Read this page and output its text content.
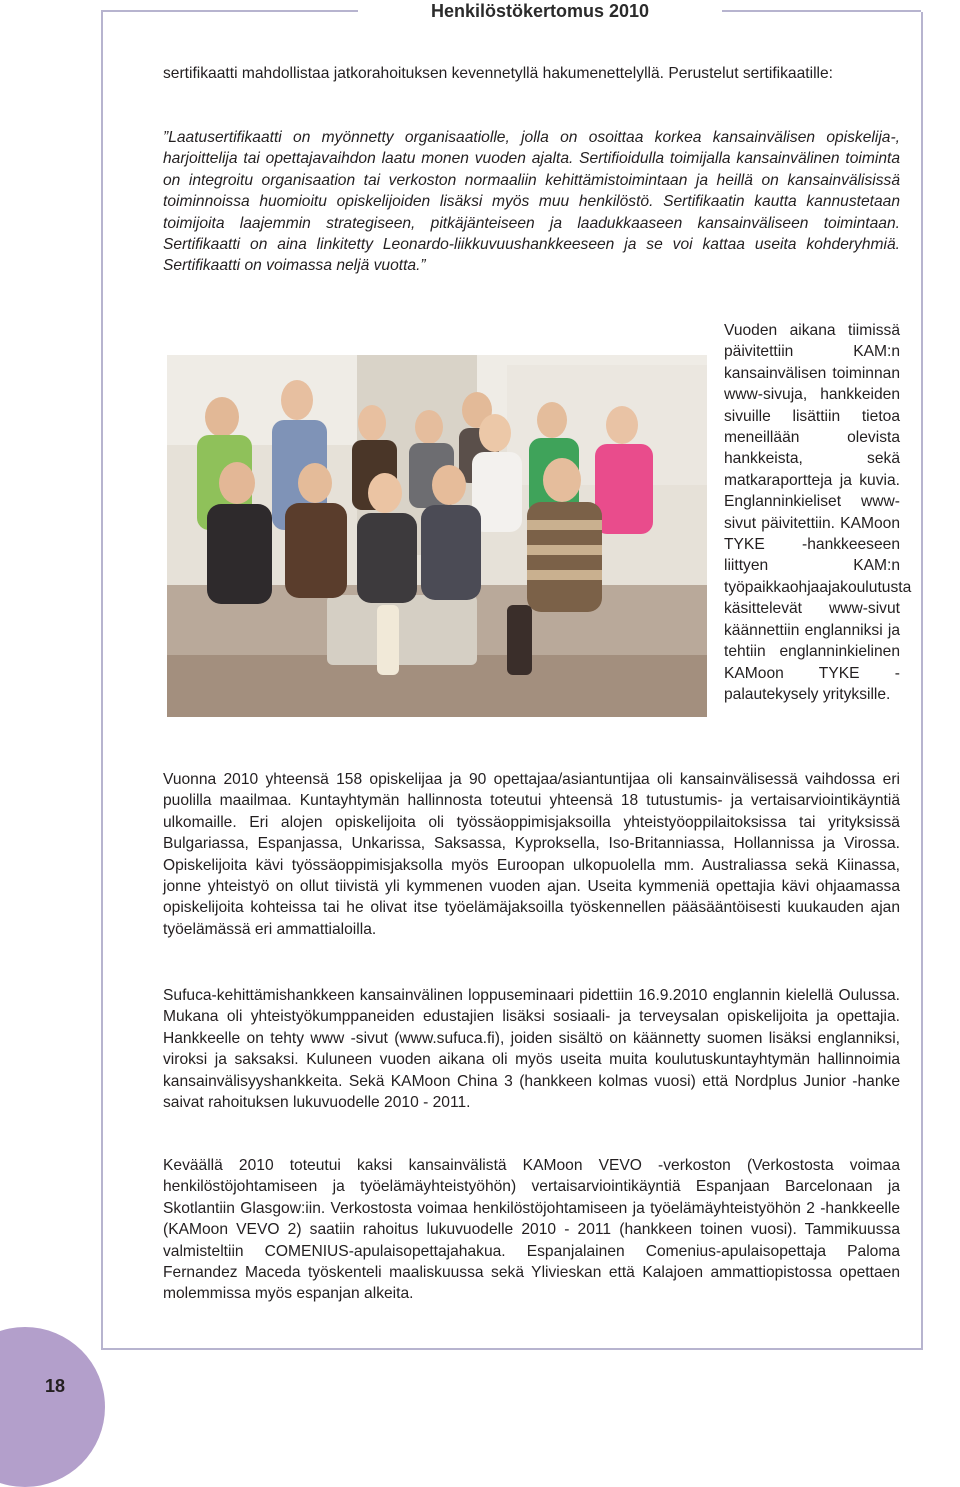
Henkilöstökertomus 2010

sertifikaatti mahdollistaa jatkorahoituksen kevennetyllä hakumenettelyllä. Perustelut sertifikaatille:

”Laatusertifikaatti on myönnetty organisaatiolle, jolla on osoittaa korkea kansainvälisen opiskelija-, harjoittelija tai opettajavaihdon laatu monen vuoden ajalta. Sertifioidulla toimijalla kansainvälinen toiminta on integroitu organisaation tai verkoston normaaliin kehittämistoimintaan ja heillä on kansainvälisissä toiminnoissa huomioitu opiskelijoiden lisäksi myös muu henkilöstö. Sertifikaatin kautta kannustetaan toimijoita laajemmin strategiseen, pitkäjänteiseen ja laadukkaaseen kansainväliseen toimintaan. Sertifikaatti on aina linkitetty Leonardo-liikkuvuushankkeeseen ja se voi kattaa useita kohderyhmiä. Sertifikaatti on voimassa neljä vuotta.”

Vuoden aikana tiimissä päivitettiin KAM:n kansainvälisen toiminnan www-sivuja, hankkeiden sivuille lisättiin tietoa meneillään olevista hankkeista, sekä matkaraportteja ja kuvia. Englanninkieliset www-sivut päivitettiin. KAMoon TYKE -hankkeeseen liittyen KAM:n työpaikkaohjaajakoulutusta käsittelevät www-sivut käännettiin englanniksi ja tehtiin englanninkielinen KAMoon TYKE -palautekysely yrityksille.

Vuonna 2010 yhteensä 158 opiskelijaa ja 90 opettajaa/asiantuntijaa oli kansainvälisessä vaihdossa eri puolilla maailmaa. Kuntayhtymän hallinnosta toteutui yhteensä 18 tutustumis- ja vertaisarviointikäyntiä ulkomaille. Eri alojen opiskelijoita oli työssäoppimisjaksoilla yhteistyöoppilaitoksissa tai yrityksissä Bulgariassa, Espanjassa, Unkarissa, Saksassa, Kyproksella, Iso-Britanniassa, Hollannissa ja Virossa. Opiskelijoita kävi työssäoppimisjaksolla myös Euroopan ulkopuolella mm. Australiassa sekä Kiinassa, jonne yhteistyö on ollut tiivistä yli kymmenen vuoden ajan. Useita kymmeniä opettajia kävi ohjaamassa opiskelijoita kohteissa tai he olivat itse työelämäjaksoilla työskennellen pääsääntöisesti kuukauden ajan työelämässä eri ammattialoilla.

Sufuca-kehittämishankkeen kansainvälinen loppuseminaari pidettiin 16.9.2010 englannin kielellä Oulussa. Mukana oli yhteistyökumppaneiden edustajien lisäksi sosiaali- ja terveysalan opiskelijoita ja opettajia. Hankkeelle on tehty www -sivut (www.sufuca.fi), joiden sisältö on käännetty suomen lisäksi englanniksi, viroksi ja saksaksi. Kuluneen vuoden aikana oli myös useita muita koulutuskuntayhtymän hallinnoimia kansainvälisyyshankkeita. Sekä KAMoon China 3 (hankkeen kolmas vuosi) että Nordplus Junior -hanke saivat rahoituksen lukuvuodelle 2010 - 2011.

Keväällä 2010 toteutui kaksi kansainvälistä KAMoon VEVO -verkoston (Verkostosta voimaa henkilöstöjohtamiseen ja työelämäyhteistyöhön) vertaisarviointikäyntiä Espanjaan Barcelonaan ja Skotlantiin Glasgow:iin. Verkostosta voimaa henkilöstöjohtamiseen ja työelämäyhteistyöhön 2 -hankkeelle (KAMoon VEVO 2) saatiin rahoitus lukuvuodelle 2010 - 2011 (hankkeen toinen vuosi). Tammikuussa valmisteltiin COMENIUS-apulaisopettajahakua. Espanjalainen Comenius-apulaisopettaja Paloma Fernandez Maceda työskenteli maaliskuussa sekä Ylivieskan että Kalajoen ammattiopistossa opettaen molemmissa myös espanjan alkeita.

18
